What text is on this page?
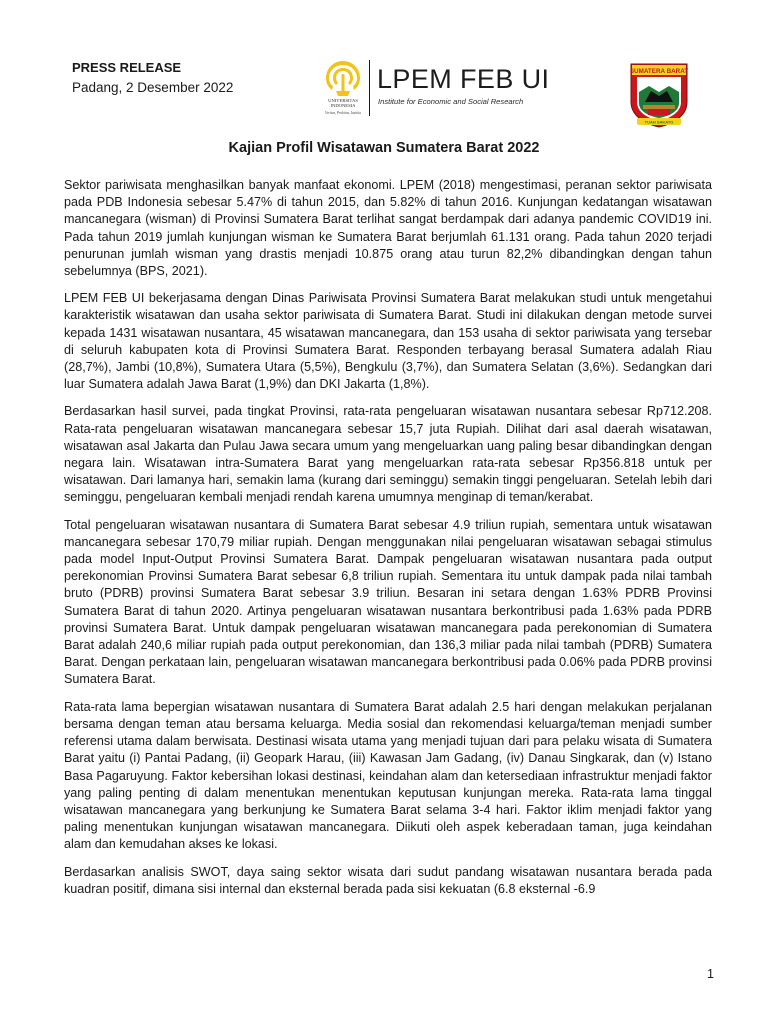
PRESS RELEASE
Padang, 2 Desember 2022
UNIVERSITAS
INDONESIA
Veritas, Probitas, Iustitia
LPEM FEB UI
Institute for Economic and Social Research
SUMATERA BARAT
TUAH SAKATO
Kajian Profil Wisatawan Sumatera Barat 2022

Sektor pariwisata menghasilkan banyak manfaat ekonomi. LPEM (2018) mengestimasi, peranan sektor pariwisata pada PDB Indonesia sebesar 5.47% di tahun 2015, dan 5.82% di tahun 2016. Kunjungan kedatangan wisatawan mancanegara (wisman) di Provinsi Sumatera Barat terlihat sangat berdampak dari adanya pandemic COVID19 ini. Pada tahun 2019 jumlah kunjungan wisman ke Sumatera Barat berjumlah 61.131 orang. Pada tahun 2020 terjadi penurunan jumlah wisman yang drastis menjadi 10.875 orang atau turun 82,2% dibandingkan dengan tahun sebelumnya (BPS, 2021).

LPEM FEB UI bekerjasama dengan Dinas Pariwisata Provinsi Sumatera Barat melakukan studi untuk mengetahui karakteristik wisatawan dan usaha sektor pariwisata di Sumatera Barat. Studi ini dilakukan dengan metode survei kepada 1431 wisatawan nusantara, 45 wisatawan mancanegara, dan 153 usaha di sektor pariwisata yang tersebar di seluruh kabupaten kota di Provinsi Sumatera Barat. Responden terbayang berasal Sumatera adalah Riau (28,7%), Jambi (10,8%), Sumatera Utara (5,5%), Bengkulu (3,7%), dan Sumatera Selatan (3,6%). Sedangkan dari luar Sumatera adalah Jawa Barat (1,9%) dan DKI Jakarta (1,8%).

Berdasarkan hasil survei, pada tingkat Provinsi, rata-rata pengeluaran wisatawan nusantara sebesar Rp712.208. Rata-rata pengeluaran wisatawan mancanegara sebesar 15,7 juta Rupiah. Dilihat dari asal daerah wisatawan, wisatawan asal Jakarta dan Pulau Jawa secara umum yang mengeluarkan uang paling besar dibandingkan dengan negara lain. Wisatawan intra-Sumatera Barat yang mengeluarkan rata-rata sebesar Rp356.818 untuk per wisatawan. Dari lamanya hari, semakin lama (kurang dari seminggu) semakin tinggi pengeluaran. Setelah lebih dari seminggu, pengeluaran kembali menjadi rendah karena umumnya menginap di teman/kerabat.

Total pengeluaran wisatawan nusantara di Sumatera Barat sebesar 4.9 triliun rupiah, sementara untuk wisatawan mancanegara sebesar 170,79 miliar rupiah. Dengan menggunakan nilai pengeluaran wisatawan sebagai stimulus pada model Input-Output Provinsi Sumatera Barat. Dampak pengeluaran wisatawan nusantara pada output perekonomian Provinsi Sumatera Barat sebesar 6,8 triliun rupiah. Sementara itu untuk dampak pada nilai tambah bruto (PDRB) provinsi Sumatera Barat sebesar 3.9 triliun. Besaran ini setara dengan 1.63% PDRB Provinsi Sumatera Barat di tahun 2020. Artinya pengeluaran wisatawan nusantara berkontribusi pada 1.63% pada PDRB provinsi Sumatera Barat. Untuk dampak pengeluaran wisatawan mancanegara pada perekonomian di Sumatera Barat adalah 240,6 miliar rupiah pada output perekonomian, dan 136,3 miliar pada nilai tambah (PDRB) Sumatera Barat. Dengan perkataan lain, pengeluaran wisatawan mancanegara berkontribusi pada 0.06% pada PDRB provinsi Sumatera Barat.

Rata-rata lama bepergian wisatawan nusantara di Sumatera Barat adalah 2.5 hari dengan melakukan perjalanan bersama dengan teman atau bersama keluarga. Media sosial dan rekomendasi keluarga/teman menjadi sumber referensi utama dalam berwisata. Destinasi wisata utama yang menjadi tujuan dari para pelaku wisata di Sumatera Barat yaitu (i) Pantai Padang, (ii) Geopark Harau, (iii) Kawasan Jam Gadang, (iv) Danau Singkarak, dan (v) Istano Basa Pagaruyung. Faktor kebersihan lokasi destinasi, keindahan alam dan ketersediaan infrastruktur menjadi faktor yang paling penting di dalam menentukan menentukan keputusan kunjungan mereka. Rata-rata lama tinggal wisatawan mancanegara yang berkunjung ke Sumatera Barat selama 3-4 hari. Faktor iklim menjadi faktor yang paling menentukan kunjungan wisatawan mancanegara. Diikuti oleh aspek keberadaan taman, juga keindahan alam dan kemudahan akses ke lokasi.

Berdasarkan analisis SWOT, daya saing sektor wisata dari sudut pandang wisatawan nusantara berada pada kuadran positif, dimana sisi internal dan eksternal berada pada sisi kekuatan (6.8 eksternal -6.9

1
